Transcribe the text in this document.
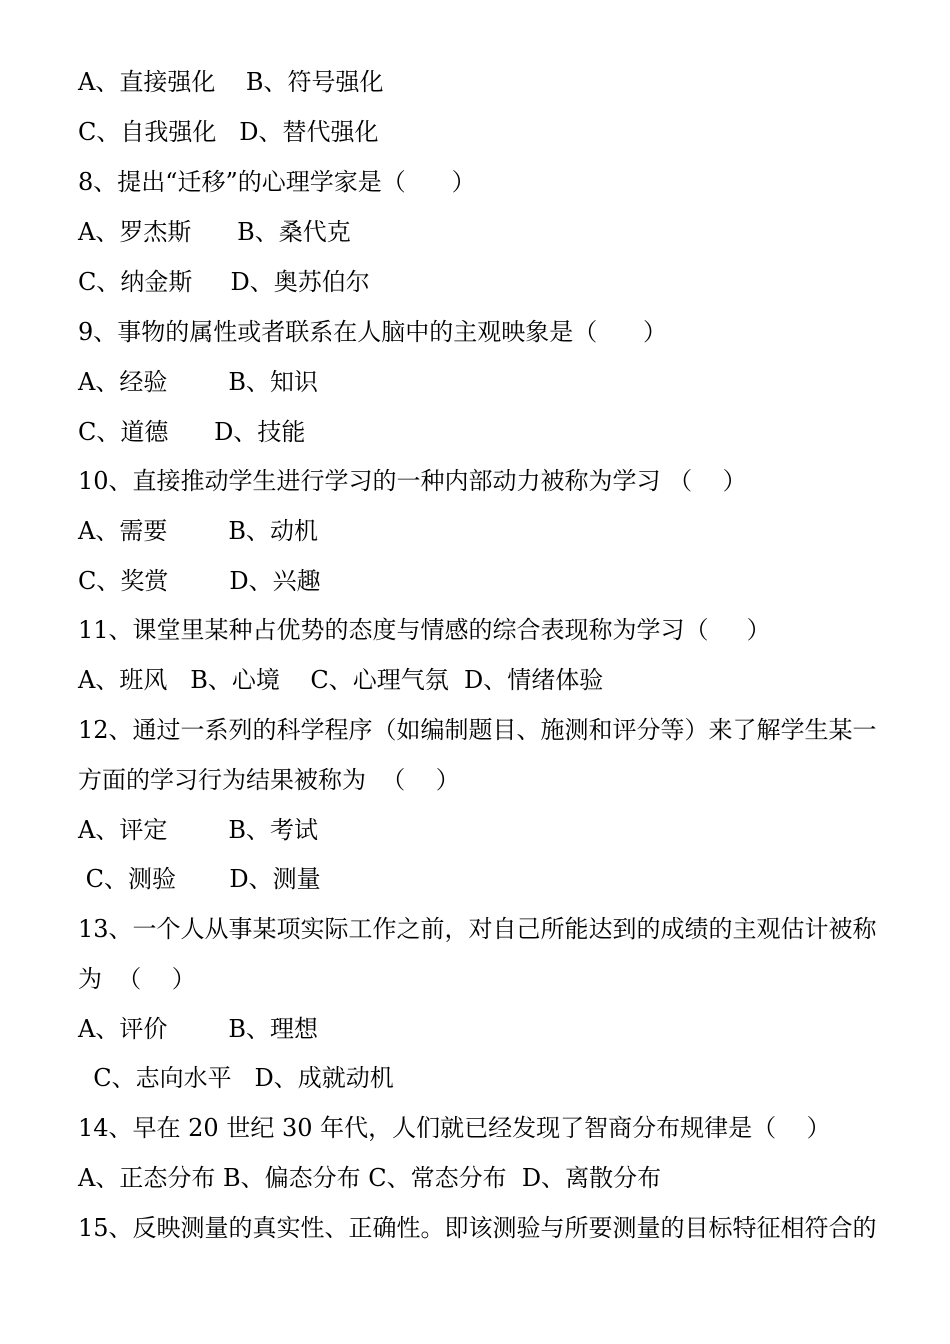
A、直接强化    B、符号强化
C、自我强化   D、替代强化
8、提出“迁移”的心理学家是（      ）
A、罗杰斯      B、桑代克
C、纳金斯     D、奥苏伯尔
9、事物的属性或者联系在人脑中的主观映象是（      ）
A、经验        B、知识
C、道德      D、技能
10、直接推动学生进行学习的一种内部动力被称为学习 （    ）
A、需要        B、动机
C、奖赏        D、兴趣
11、课堂里某种占优势的态度与情感的综合表现称为学习（     ）
A、班风   B、心境    C、心理气氛  D、情绪体验
12、通过一系列的科学程序（如编制题目、施测和评分等）来了解学生某一
方面的学习行为结果被称为  （    ）
A、评定        B、考试
C、测验       D、测量
13、一个人从事某项实际工作之前，对自己所能达到的成绩的主观估计被称
为  （    ）
A、评价        B、理想
C、志向水平   D、成就动机
14、早在 20 世纪 30 年代，人们就已经发现了智商分布规律是（    ）
A、正态分布 B、偏态分布 C、常态分布  D、离散分布
15、反映测量的真实性、正确性。即该测验与所要测量的目标特征相符合的
